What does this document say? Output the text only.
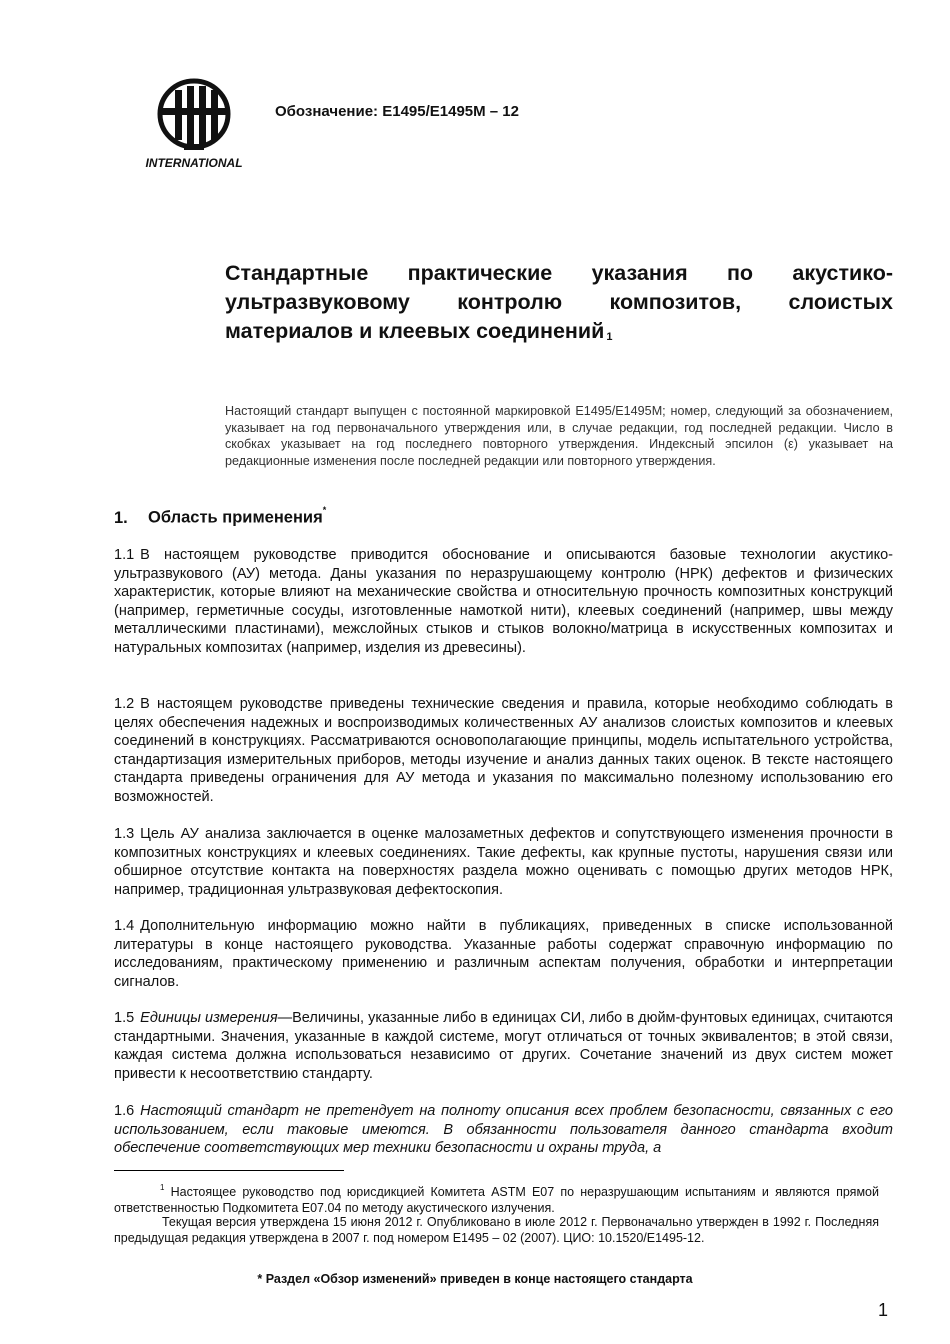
INTERNATIONAL
Обозначение: E1495/E1495M – 12
Стандартные практические указания по акустико-ультразвуковому контролю композитов, слоистых материалов и клеевых соединений $^1$
Настоящий стандарт выпущен с постоянной маркировкой E1495/E1495M; номер, следующий за обозначением, указывает на год первоначального утверждения или, в случае редакции, год последней редакции. Число в скобках указывает на год последнего повторного утверждения. Индексный эпсилон (ε) указывает на редакционные изменения после последней редакции или повторного утверждения.
1. Область применения*

1.1 В настоящем руководстве приводится обоснование и описываются базовые технологии акустико-ультразвукового (АУ) метода. Даны указания по неразрушающему контролю (НРК) дефектов и физических характеристик, которые влияют на механические свойства и относительную прочность композитных конструкций (например, герметичные сосуды, изготовленные намоткой нити), клеевых соединений (например, швы между металлическими пластинами), межслойных стыков и стыков волокно/матрица в искусственных композитах и натуральных композитах (например, изделия из древесины).

1.2 В настоящем руководстве приведены технические сведения и правила, которые необходимо соблюдать в целях обеспечения надежных и воспроизводимых количественных АУ анализов слоистых композитов и клеевых соединений в конструкциях. Рассматриваются основополагающие принципы, модель испытательного устройства, стандартизация измерительных приборов, методы изучение и анализ данных таких оценок. В тексте настоящего стандарта приведены ограничения для АУ метода и указания по максимально полезному использованию его возможностей.

1.3 Цель АУ анализа заключается в оценке малозаметных дефектов и сопутствующего изменения прочности в композитных конструкциях и клеевых соединениях. Такие дефекты, как крупные пустоты, нарушения связи или обширное отсутствие контакта на поверхностях раздела можно оценивать с помощью других методов НРК, например, традиционная ультразвуковая дефектоскопия.

1.4 Дополнительную информацию можно найти в публикациях, приведенных в списке использованной литературы в конце настоящего руководства. Указанные работы содержат справочную информацию по исследованиям, практическому применению и различным аспектам получения, обработки и интерпретации сигналов.

1.5 Единицы измерения—Величины, указанные либо в единицах СИ, либо в дюйм-фунтовых единицах, считаются стандартными. Значения, указанные в каждой системе, могут отличаться от точных эквивалентов; в этой связи, каждая система должна использоваться независимо от других. Сочетание значений из двух систем может привести к несоответствию стандарту.

1.6 Настоящий стандарт не претендует на полноту описания всех проблем безопасности, связанных с его использованием, если таковые имеются. В обязанности пользователя данного стандарта входит обеспечение соответствующих мер техники безопасности и охраны труда, а

$^1$ Настоящее руководство под юрисдикцией Комитета ASTM E07 по неразрушающим испытаниям и являются прямой ответственностью Подкомитета E07.04 по методу акустического излучения.
Текущая версия утверждена 15 июня 2012 г. Опубликовано в июле 2012 г. Первоначально утвержден в 1992 г. Последняя предыдущая редакция утверждена в 2007 г. под номером E1495 – 02 (2007). ЦИО: 10.1520/E1495-12.
* Раздел «Обзор изменений» приведен в конце настоящего стандарта
1
